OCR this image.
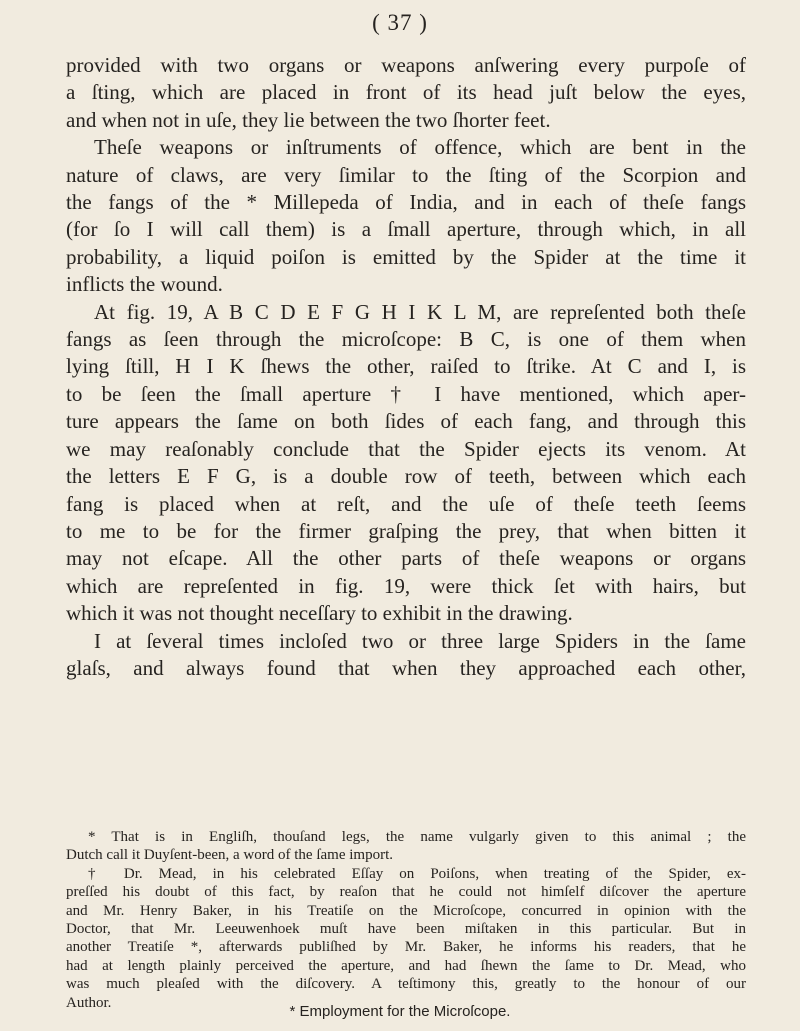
( 37 )
provided with two organs or weapons anſwering every purpoſe of
a ſting, which are placed in front of its head juſt below the eyes,
and when not in uſe, they lie between the two ſhorter feet.
Theſe weapons or inſtruments of offence, which are bent in the
nature of claws, are very ſimilar to the ſting of the Scorpion and
the fangs of the * Millepeda of India, and in each of theſe fangs
(for ſo I will call them) is a ſmall aperture, through which, in all
probability, a liquid poiſon is emitted by the Spider at the time it
inflicts the wound.
At fig. 19, A B C D E F G H I K L M, are repreſented both theſe
fangs as ſeen through the microſcope: B C, is one of them when
lying ſtill, H I K ſhews the other, raiſed to ſtrike. At C and I, is
to be ſeen the ſmall aperture † I have mentioned, which aper-
ture appears the ſame on both ſides of each fang, and through this
we may reaſonably conclude that the Spider ejects its venom. At
the letters E F G, is a double row of teeth, between which each
fang is placed when at reſt, and the uſe of theſe teeth ſeems
to me to be for the firmer graſping the prey, that when bitten it
may not eſcape. All the other parts of theſe weapons or organs
which are repreſented in fig. 19, were thick ſet with hairs, but
which it was not thought neceſſary to exhibit in the drawing.
I at ſeveral times incloſed two or three large Spiders in the ſame
glaſs, and always found that when they approached each other,
* That is in Engliſh, thouſand legs, the name vulgarly given to this animal ; the
Dutch call it Duyſent-been, a word of the ſame import.
† Dr. Mead, in his celebrated Eſſay on Poiſons, when treating of the Spider, ex-
preſſed his doubt of this fact, by reaſon that he could not himſelf diſcover the aperture
and Mr. Henry Baker, in his Treatiſe on the Microſcope, concurred in opinion with the
Doctor, that Mr. Leeuwenhoek muſt have been miſtaken in this particular. But in
another Treatiſe *, afterwards publiſhed by Mr. Baker, he informs his readers, that he
had at length plainly perceived the aperture, and had ſhewn the ſame to Dr. Mead, who
was much pleaſed with the diſcovery. A teſtimony this, greatly to the honour of our
Author.
* Employment for the Microſcope.
